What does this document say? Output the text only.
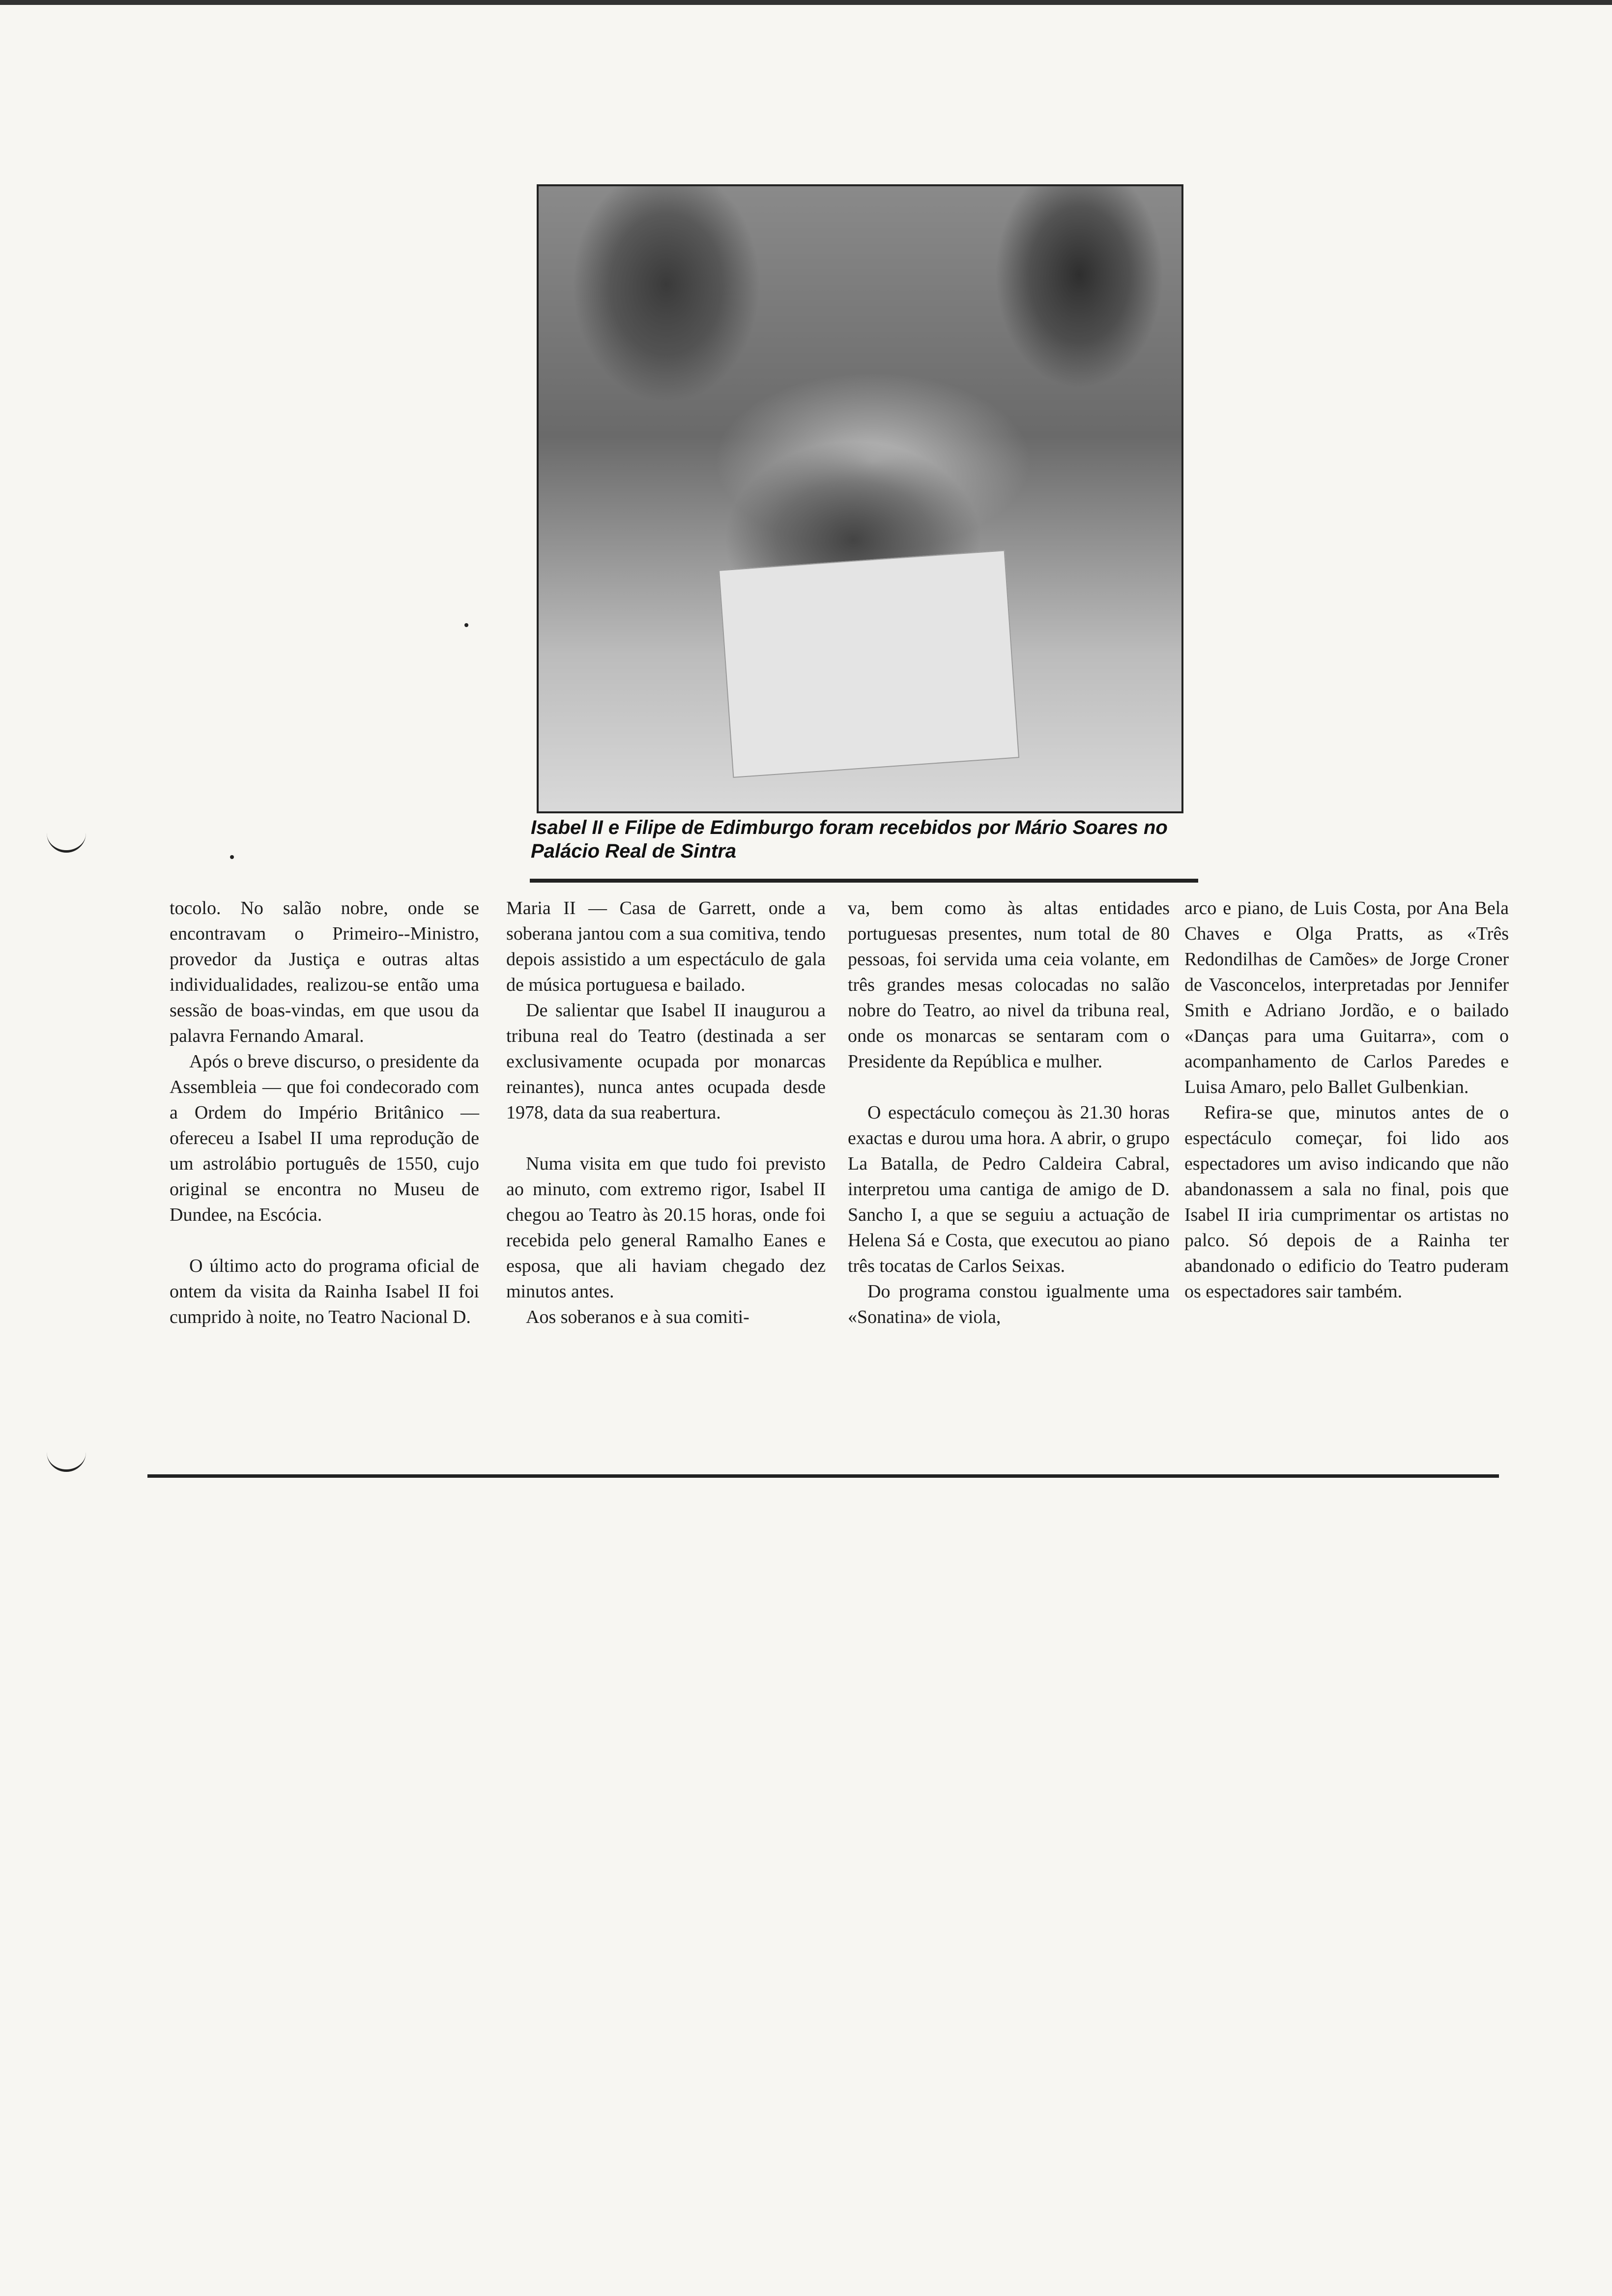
Isabel II e Filipe de Edimburgo foram recebidos por Mário Soares no Palácio Real de Sintra

tocolo. No salão nobre, onde se encontravam o Primeiro--Ministro, provedor da Justiça e outras altas individualidades, realizou-se então uma sessão de boas-vindas, em que usou da palavra Fernando Amaral.

Após o breve discurso, o presidente da Assembleia — que foi condecorado com a Ordem do Império Britânico — ofereceu a Isabel II uma reprodução de um astrolábio português de 1550, cujo original se encontra no Museu de Dundee, na Escócia.

O último acto do programa oficial de ontem da visita da Rainha Isabel II foi cumprido à noite, no Teatro Nacional D.

Maria II — Casa de Garrett, onde a soberana jantou com a sua comitiva, tendo depois assistido a um espectáculo de gala de música portuguesa e bailado.

De salientar que Isabel II inaugurou a tribuna real do Teatro (destinada a ser exclusivamente ocupada por monarcas reinantes), nunca antes ocupada desde 1978, data da sua reabertura.

Numa visita em que tudo foi previsto ao minuto, com extremo rigor, Isabel II chegou ao Teatro às 20.15 horas, onde foi recebida pelo general Ramalho Eanes e esposa, que ali haviam chegado dez minutos antes.

Aos soberanos e à sua comiti-

va, bem como às altas entidades portuguesas presentes, num total de 80 pessoas, foi servida uma ceia volante, em três grandes mesas colocadas no salão nobre do Teatro, ao nivel da tribuna real, onde os monarcas se sentaram com o Presidente da República e mulher.

O espectáculo começou às 21.30 horas exactas e durou uma hora. A abrir, o grupo La Batalla, de Pedro Caldeira Cabral, interpretou uma cantiga de amigo de D. Sancho I, a que se seguiu a actuação de Helena Sá e Costa, que executou ao piano três tocatas de Carlos Seixas.

Do programa constou igualmente uma «Sonatina» de viola,

arco e piano, de Luis Costa, por Ana Bela Chaves e Olga Pratts, as «Três Redondilhas de Camões» de Jorge Croner de Vasconcelos, interpretadas por Jennifer Smith e Adriano Jordão, e o bailado «Danças para uma Guitarra», com o acompanhamento de Carlos Paredes e Luisa Amaro, pelo Ballet Gulbenkian.

Refira-se que, minutos antes de o espectáculo começar, foi lido aos espectadores um aviso indicando que não abandonassem a sala no final, pois que Isabel II iria cumprimentar os artistas no palco. Só depois de a Rainha ter abandonado o edificio do Teatro puderam os espectadores sair também.
